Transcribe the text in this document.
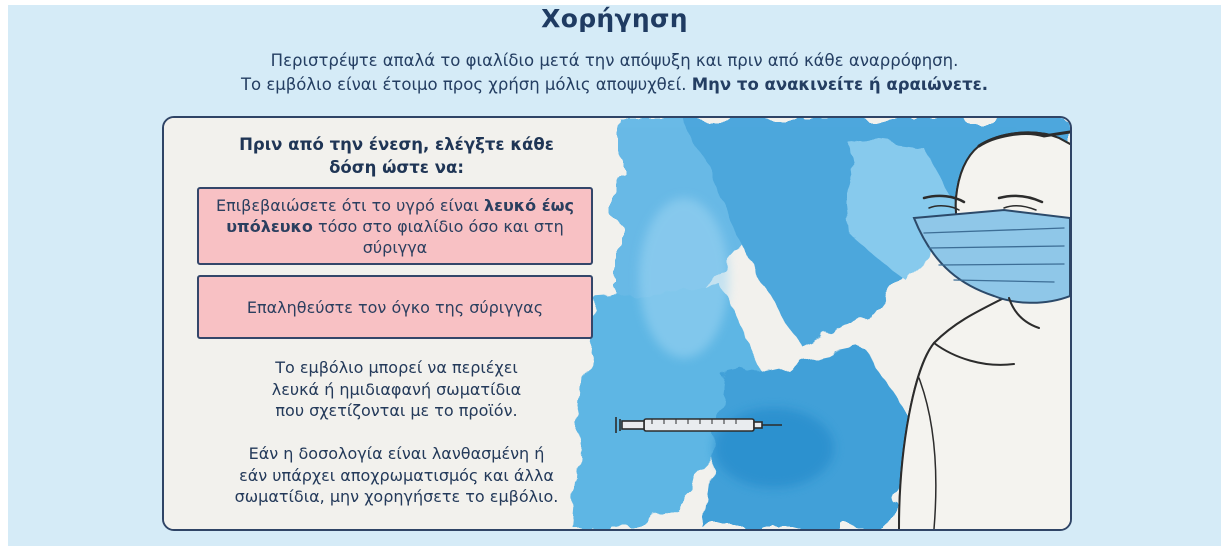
Χορήγηση
Περιστρέψτε απαλά το φιαλίδιο μετά την απόψυξη και πριν από κάθε αναρρόφηση.
Το εμβόλιο είναι έτοιμο προς χρήση μόλις αποψυχθεί. Μην το ανακινείτε ή αραιώνετε.
Πριν από την ένεση, ελέγξτε κάθε
δόση ώστε να:
Επιβεβαιώσετε ότι το υγρό είναι λευκό έως υπόλευκο τόσο στο φιαλίδιο όσο και στη σύριγγα
Επαληθεύστε τον όγκο της σύριγγας
Το εμβόλιο μπορεί να περιέχει
λευκά ή ημιδιαφανή σωματίδια
που σχετίζονται με το προϊόν.
Εάν η δοσολογία είναι λανθασμένη ή
εάν υπάρχει αποχρωματισμός και άλλα
σωματίδια, μην χορηγήσετε το εμβόλιο.
